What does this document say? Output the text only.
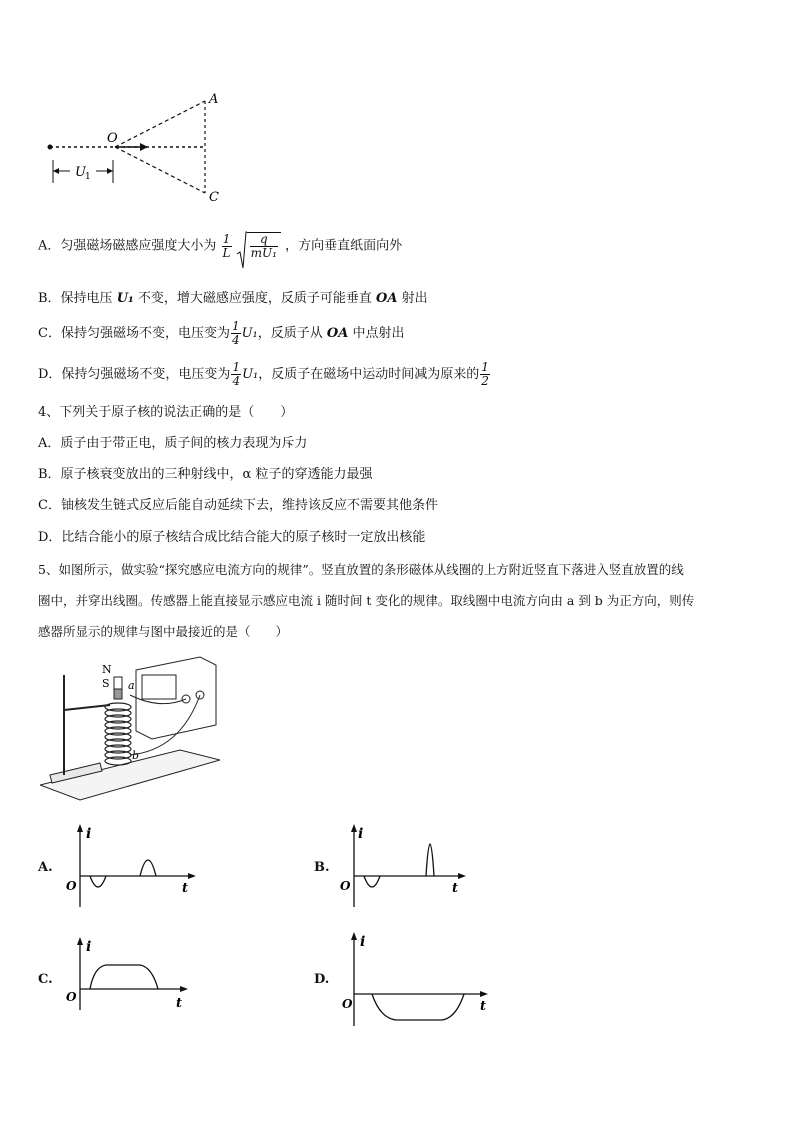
A
O
C
U 1
A．匀强磁场磁感应强度大小为 $\frac{1}{L}$
$\frac{q}{\text{mU₁}}$ ，方向垂直纸面向外
B．保持电压 U₁ 不变，增大磁感应强度，反质子可能垂直 OA 射出
C．保持匀强磁场不变，电压变为 $\frac{1}{4} U_1$，反质子从 OA 中点射出
D．保持匀强磁场不变，电压变为 $\frac{1}{4} U_1$，反质子在磁场中运动时间减为原来的 $\frac{1}{2}$
4、下列关于原子核的说法正确的是（　　）
A．质子由于带正电，质子间的核力表现为斥力
B．原子核衰变放出的三种射线中，α 粒子的穿透能力最强
C．铀核发生链式反应后能自动延续下去，维持该反应不需要其他条件
D．比结合能小的原子核结合成比结合能大的原子核时一定放出核能
5、如图所示，做实验“探究感应电流方向的规律”。竖直放置的条形磁体从线圈的上方附近竖直下落进入竖直放置的线
圈中，并穿出线圈。传感器上能直接显示感应电流 i 随时间 t 变化的规律。取线圈中电流方向由 a 到 b 为正方向，则传
感器所显示的规律与图中最接近的是（　　）
N
S a
b
A.
i
O	t
B.
i
O	t
C.
i
O	t
D.
i
O	t
